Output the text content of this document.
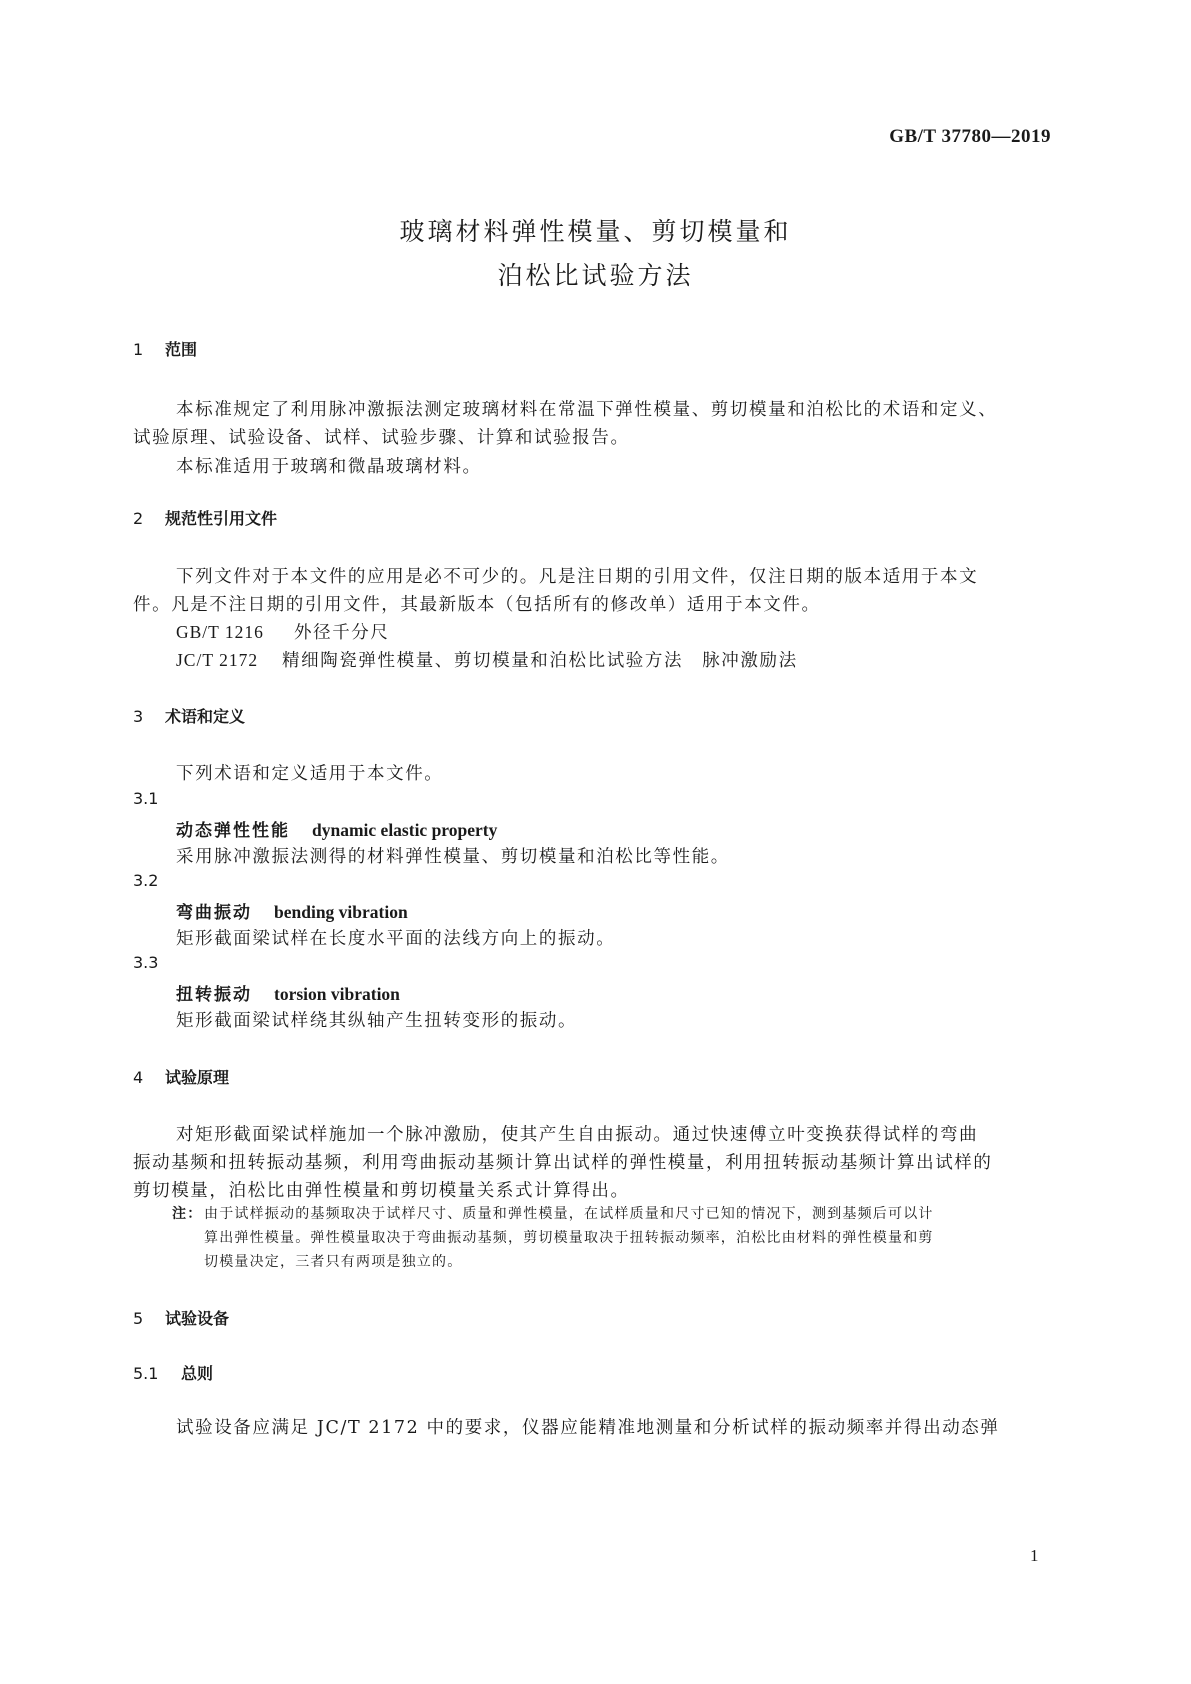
GB/T 37780—2019
玻璃材料弹性模量、剪切模量和
泊松比试验方法
1 范围
本标准规定了利用脉冲激振法测定玻璃材料在常温下弹性模量、剪切模量和泊松比的术语和定义、
试验原理、试验设备、试样、试验步骤、计算和试验报告。
本标准适用于玻璃和微晶玻璃材料。
2 规范性引用文件
下列文件对于本文件的应用是必不可少的。凡是注日期的引用文件，仅注日期的版本适用于本文
件。凡是不注日期的引用文件，其最新版本（包括所有的修改单）适用于本文件。
GB/T 1216 外径千分尺
JC/T 2172 精细陶瓷弹性模量、剪切模量和泊松比试验方法　脉冲激励法
3 术语和定义
下列术语和定义适用于本文件。
3.1
动态弹性性能 dynamic elastic property
采用脉冲激振法测得的材料弹性模量、剪切模量和泊松比等性能。
3.2
弯曲振动 bending vibration
矩形截面梁试样在长度水平面的法线方向上的振动。
3.3
扭转振动 torsion vibration
矩形截面梁试样绕其纵轴产生扭转变形的振动。
4 试验原理
对矩形截面梁试样施加一个脉冲激励，使其产生自由振动。通过快速傅立叶变换获得试样的弯曲
振动基频和扭转振动基频，利用弯曲振动基频计算出试样的弹性模量，利用扭转振动基频计算出试样的
剪切模量，泊松比由弹性模量和剪切模量关系式计算得出。
注： 由于试样振动的基频取决于试样尺寸、质量和弹性模量，在试样质量和尺寸已知的情况下，测到基频后可以计
算出弹性模量。弹性模量取决于弯曲振动基频，剪切模量取决于扭转振动频率，泊松比由材料的弹性模量和剪
切模量决定，三者只有两项是独立的。
5 试验设备
5.1 总则
试验设备应满足 JC/T 2172 中的要求，仪器应能精准地测量和分析试样的振动频率并得出动态弹
1
